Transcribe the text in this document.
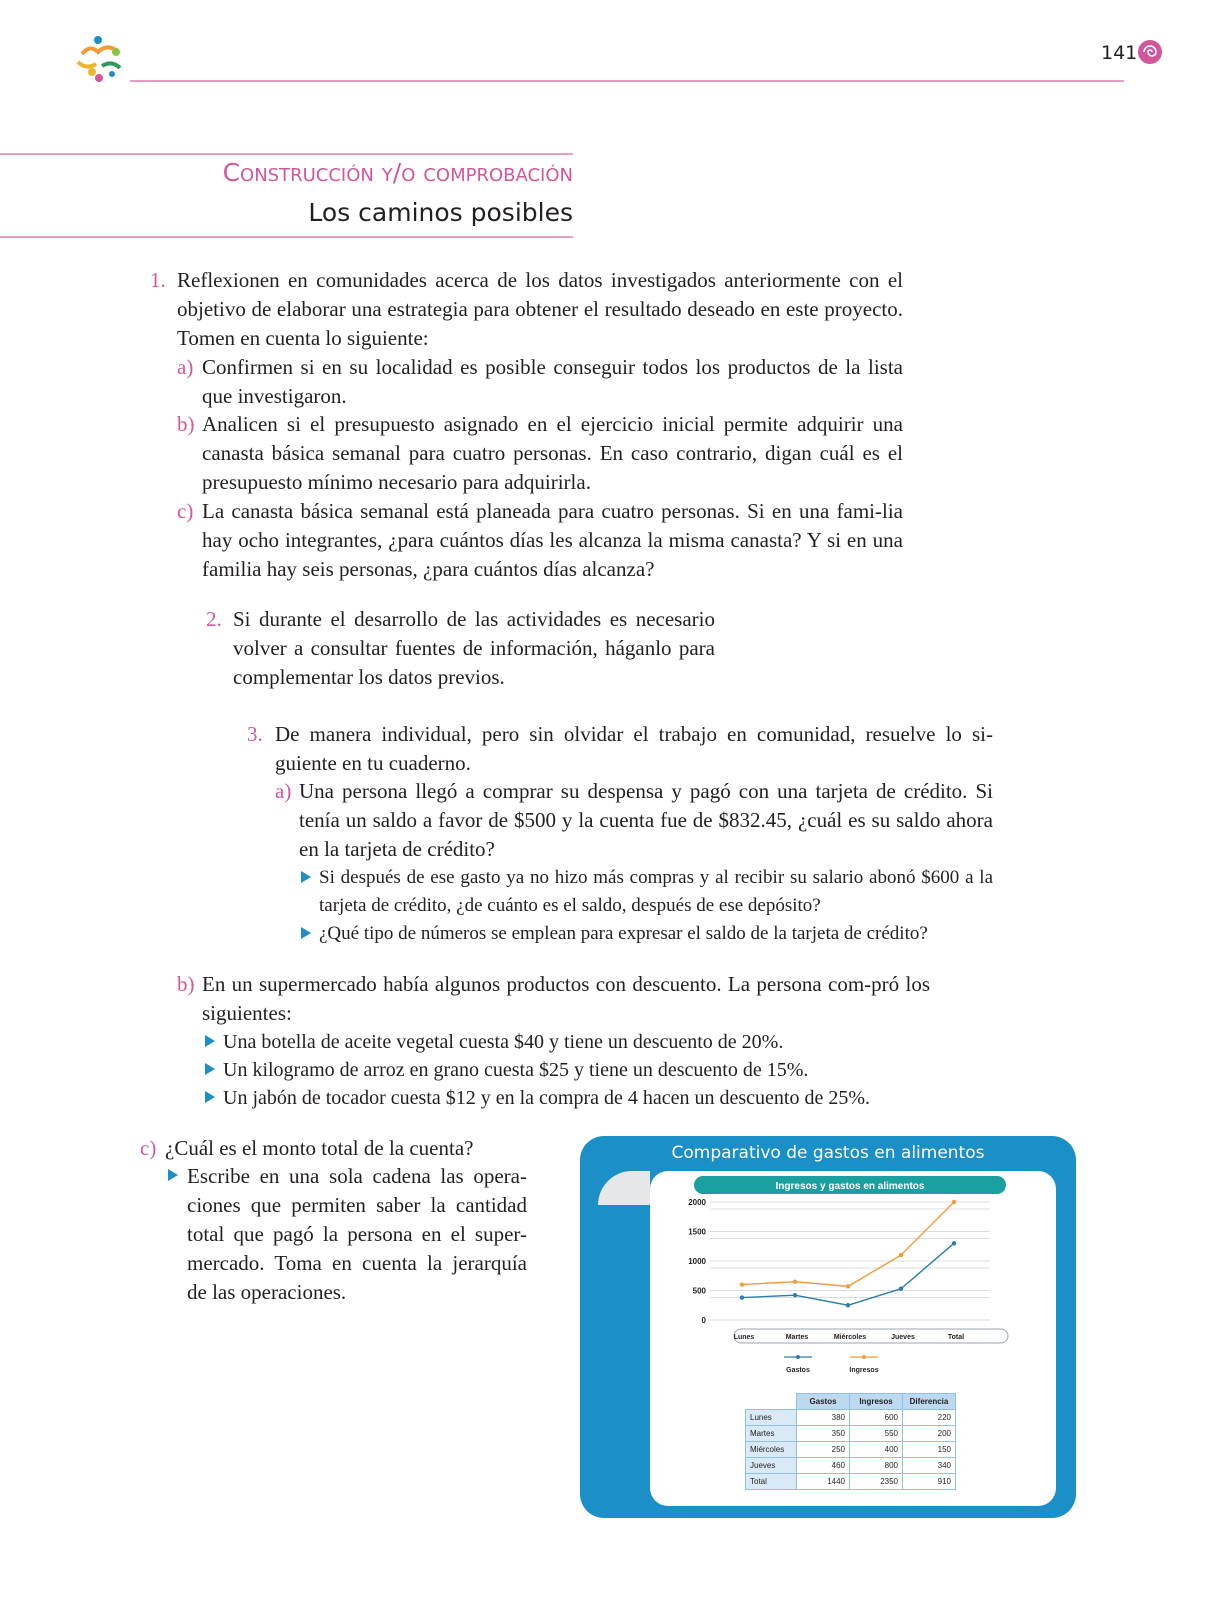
141
Construcción y/o comprobación
Los caminos posibles
1. Reflexionen en comunidades acerca de los datos investigados anteriormente con el objetivo de elaborar una estrategia para obtener el resultado deseado en este proyecto. Tomen en cuenta lo siguiente:
a) Confirmen si en su localidad es posible conseguir todos los productos de la lista que investigaron.
b) Analicen si el presupuesto asignado en el ejercicio inicial permite adquirir una canasta básica semanal para cuatro personas. En caso contrario, digan cuál es el presupuesto mínimo necesario para adquirirla.
c) La canasta básica semanal está planeada para cuatro personas. Si en una fami-lia hay ocho integrantes, ¿para cuántos días les alcanza la misma canasta? Y si en una familia hay seis personas, ¿para cuántos días alcanza?
2. Si durante el desarrollo de las actividades es necesario volver a consultar fuentes de información, háganlo para complementar los datos previos.
3. De manera individual, pero sin olvidar el trabajo en comunidad, resuelve lo si-guiente en tu cuaderno.
a) Una persona llegó a comprar su despensa y pagó con una tarjeta de crédito. Si tenía un saldo a favor de $500 y la cuenta fue de $832.45, ¿cuál es su saldo ahora en la tarjeta de crédito?
Si después de ese gasto ya no hizo más compras y al recibir su salario abonó $600 a la tarjeta de crédito, ¿de cuánto es el saldo, después de ese depósito?
¿Qué tipo de números se emplean para expresar el saldo de la tarjeta de crédito?
b) En un supermercado había algunos productos con descuento. La persona com-pró los siguientes:
Una botella de aceite vegetal cuesta $40 y tiene un descuento de 20%.
Un kilogramo de arroz en grano cuesta $25 y tiene un descuento de 15%.
Un jabón de tocador cuesta $12 y en la compra de 4 hacen un descuento de 25%.
c) ¿Cuál es el monto total de la cuenta?
Escribe en una sola cadena las opera-ciones que permiten saber la cantidad total que pagó la persona en el super-mercado. Toma en cuenta la jerarquía de las operaciones.
Comparativo de gastos en alimentos
Ingresos y gastos en alimentos
2000
1500
1000
500
0
Lunes	Martes	Miércoles	Jueves	Total
Gastos	Ingresos
	Gastos	Ingresos	Diferencia
Lunes	380	600	220
Martes	350	550	200
Miércoles	250	400	150
Jueves	460	800	340
Total	1440	2350	910
